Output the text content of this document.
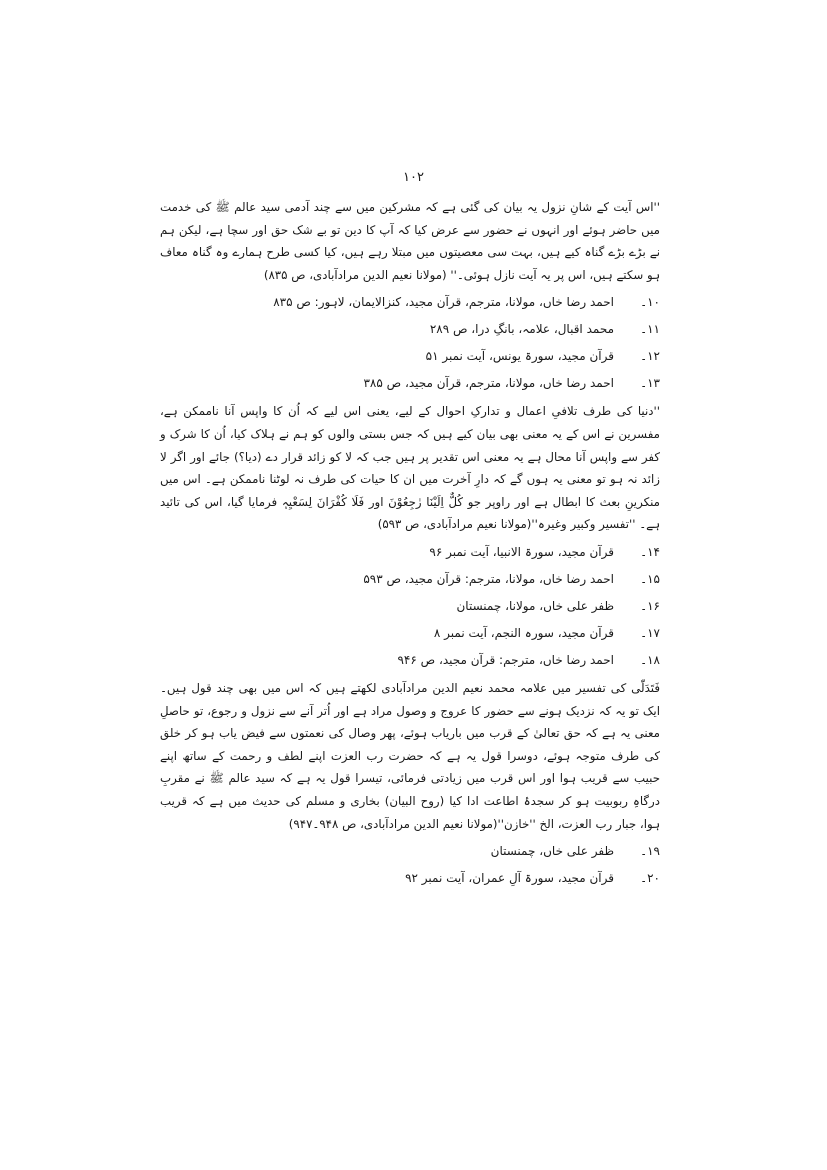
۱۰۲

''اس آیت کے شانِ نزول یہ بیان کی گئی ہے کہ مشرکین میں سے چند آدمی سید عالم ﷺ کی خدمت میں حاضر ہوئے اور انہوں نے حضور سے عرض کیا کہ آپ کا دین تو بے شک حق اور سچا ہے، لیکن ہم نے بڑے بڑے گناہ کیے ہیں، بہت سی معصیتوں میں مبتلا رہے ہیں، کیا کسی طرح ہمارے وہ گناہ معاف ہو سکتے ہیں، اس پر یہ آیت نازل ہوئی۔'' (مولانا نعیم الدین مرادآبادی، ص ۸۳۵)

۱۰۔
احمد رضا خاں، مولانا، مترجم، قرآن مجید، کنزالایمان، لاہور: ص ۸۳۵
۱۱۔
محمد اقبال، علامہ، بانگِ درا، ص ۲۸۹
۱۲۔
قرآن مجید، سورۃ یونس، آیت نمبر ۵۱
۱۳۔
احمد رضا خاں، مولانا، مترجم، قرآن مجید، ص ۳۸۵

''دنیا کی طرف تلافیِ اعمال و تدارکِ احوال کے لیے، یعنی اس لیے کہ اُن کا واپس آنا ناممکن ہے، مفسرین نے اس کے یہ معنی بھی بیان کیے ہیں کہ جس بستی والوں کو ہم نے ہلاک کیا، اُن کا شرک و کفر سے واپس آنا محال ہے یہ معنی اس تقدیر پر ہیں جب کہ لا کو زائد قرار دے (دیا؟) جائے اور اگر لا زائد نہ ہو تو معنی یہ ہوں گے کہ دارِ آخرت میں ان کا حیات کی طرف نہ لوٹنا ناممکن ہے۔ اس میں منکرینِ بعث کا ابطال ہے اور راوپر جو کُلٌّ اِلَیْنَا رٰجِعُوْنَ اور فَلَا کُفْرَانَ لِسَعْیِہٖ فرمایا گیا، اس کی تائید ہے۔ ''تفسیر وکبیر وغیرہ''(مولانا نعیم مرادآبادی، ص ۵۹۳)

۱۴۔
قرآن مجید، سورۃ الانبیا، آیت نمبر ۹۶
۱۵۔
احمد رضا خاں، مولانا، مترجم: قرآن مجید، ص ۵۹۳
۱۶۔
ظفر علی خاں، مولانا، چمنستان
۱۷۔
قرآن مجید، سورہ النجم، آیت نمبر ۸
۱۸۔
احمد رضا خاں، مترجم: قرآن مجید، ص ۹۴۶

فَتَدَلّٰی کی تفسیر میں علامہ محمد نعیم الدین مرادآبادی لکھتے ہیں کہ اس میں بھی چند قول ہیں۔ ایک تو یہ کہ نزدیک ہونے سے حضور کا عروج و وصول مراد ہے اور اُتر آنے سے نزول و رجوع، تو حاصلِ معنی یہ ہے کہ حق تعالیٰ کے قرب میں باریاب ہوئے، پھر وصال کی نعمتوں سے فیض یاب ہو کر خلق کی طرف متوجہ ہوئے، دوسرا قول یہ ہے کہ حضرت رب العزت اپنے لطف و رحمت کے ساتھ اپنے حبیب سے قریب ہوا اور اس قرب میں زیادتی فرمائی، تیسرا قول یہ ہے کہ سید عالم ﷺ نے مقربِ درگاہِ ربوبیت ہو کر سجدۂ اطاعت ادا کیا (روح البیان) بخاری و مسلم کی حدیث میں ہے کہ قریب ہوا، جبار رب العزت، الخ ''خازن''(مولانا نعیم الدین مرادآبادی، ص ۹۴۸۔۹۴۷)

۱۹۔
ظفر علی خاں، چمنستان
۲۰۔
قرآن مجید، سورۃ آلِ عمران، آیت نمبر ۹۲
